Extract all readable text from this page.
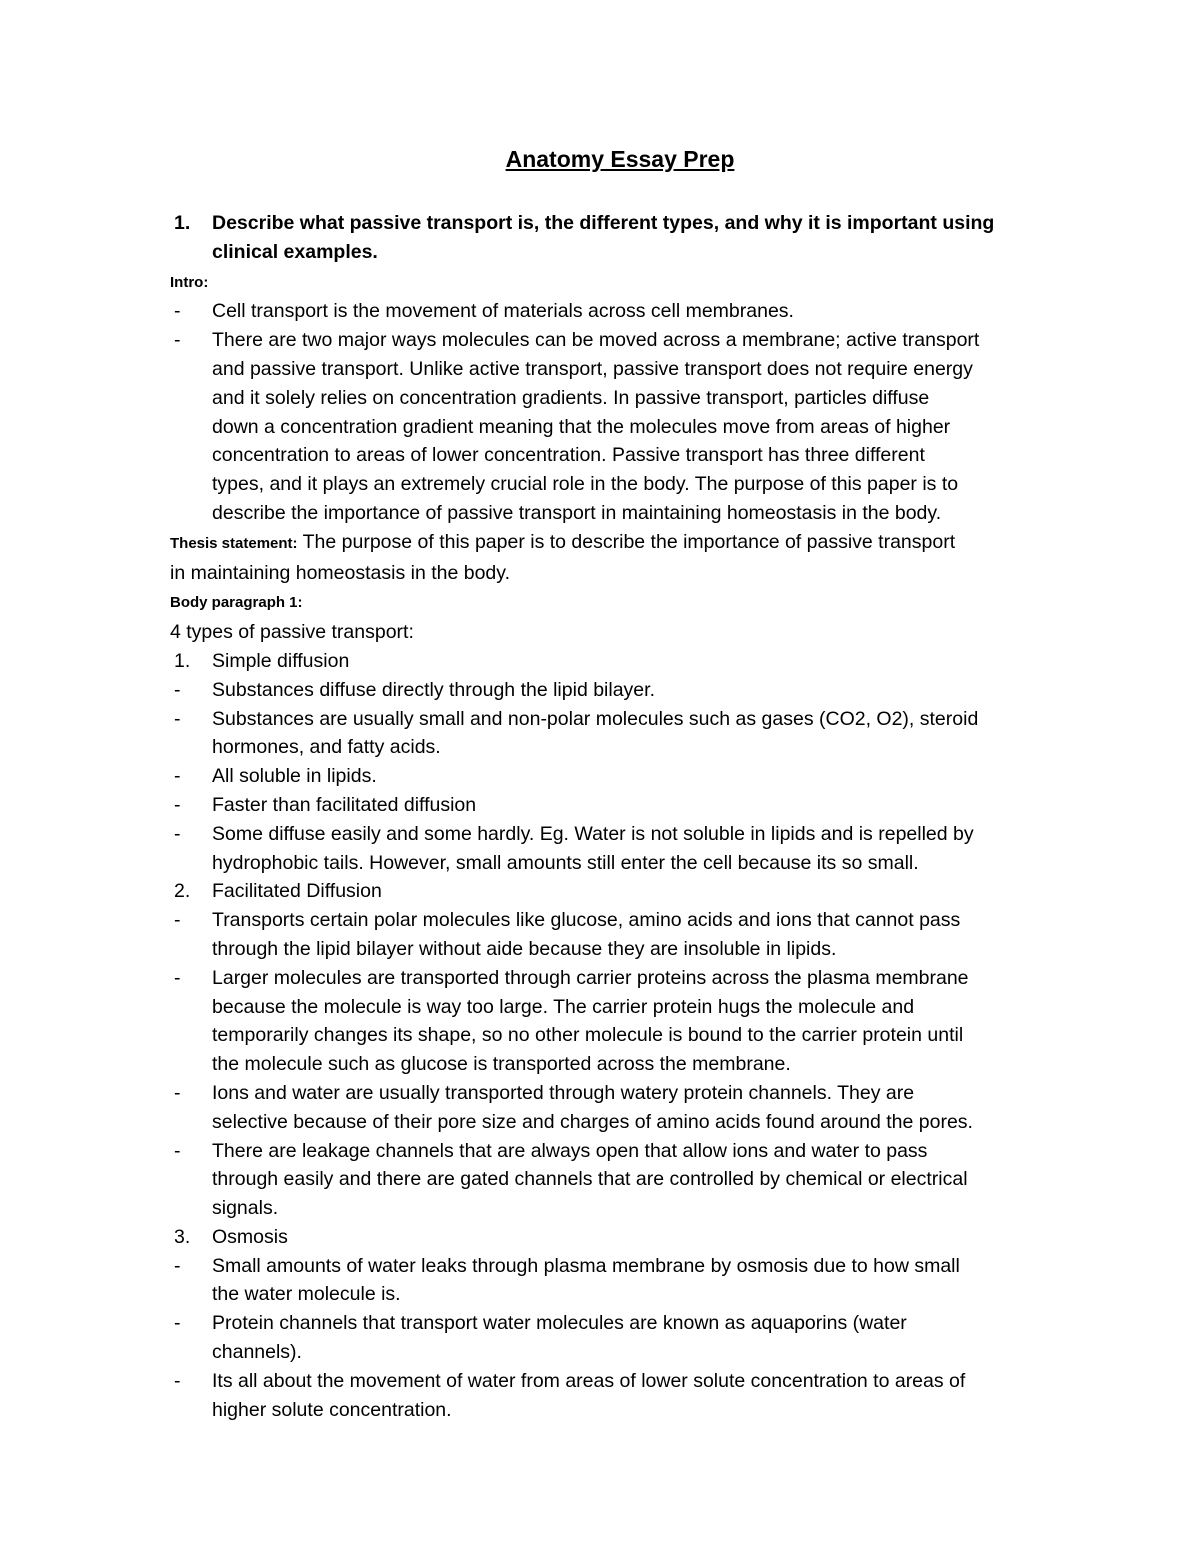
Anatomy Essay Prep
1. Describe what passive transport is, the different types, and why it is important using
clinical examples.
Intro:
- Cell transport is the movement of materials across cell membranes.
- There are two major ways molecules can be moved across a membrane; active transport
and passive transport. Unlike active transport, passive transport does not require energy
and it solely relies on concentration gradients. In passive transport, particles diffuse
down a concentration gradient meaning that the molecules move from areas of higher
concentration to areas of lower concentration. Passive transport has three different
types, and it plays an extremely crucial role in the body. The purpose of this paper is to
describe the importance of passive transport in maintaining homeostasis in the body.
Thesis statement: The purpose of this paper is to describe the importance of passive transport
in maintaining homeostasis in the body.
Body paragraph 1:
4 types of passive transport:
1. Simple diffusion
- Substances diffuse directly through the lipid bilayer.
- Substances are usually small and non-polar molecules such as gases (CO2, O2), steroid
hormones, and fatty acids.
- All soluble in lipids.
- Faster than facilitated diffusion
- Some diffuse easily and some hardly. Eg. Water is not soluble in lipids and is repelled by
hydrophobic tails. However, small amounts still enter the cell because its so small.
2. Facilitated Diffusion
- Transports certain polar molecules like glucose, amino acids and ions that cannot pass
through the lipid bilayer without aide because they are insoluble in lipids.
- Larger molecules are transported through carrier proteins across the plasma membrane
because the molecule is way too large. The carrier protein hugs the molecule and
temporarily changes its shape, so no other molecule is bound to the carrier protein until
the molecule such as glucose is transported across the membrane.
- Ions and water are usually transported through watery protein channels. They are
selective because of their pore size and charges of amino acids found around the pores.
- There are leakage channels that are always open that allow ions and water to pass
through easily and there are gated channels that are controlled by chemical or electrical
signals.
3. Osmosis
- Small amounts of water leaks through plasma membrane by osmosis due to how small
the water molecule is.
- Protein channels that transport water molecules are known as aquaporins (water
channels).
- Its all about the movement of water from areas of lower solute concentration to areas of
higher solute concentration.
